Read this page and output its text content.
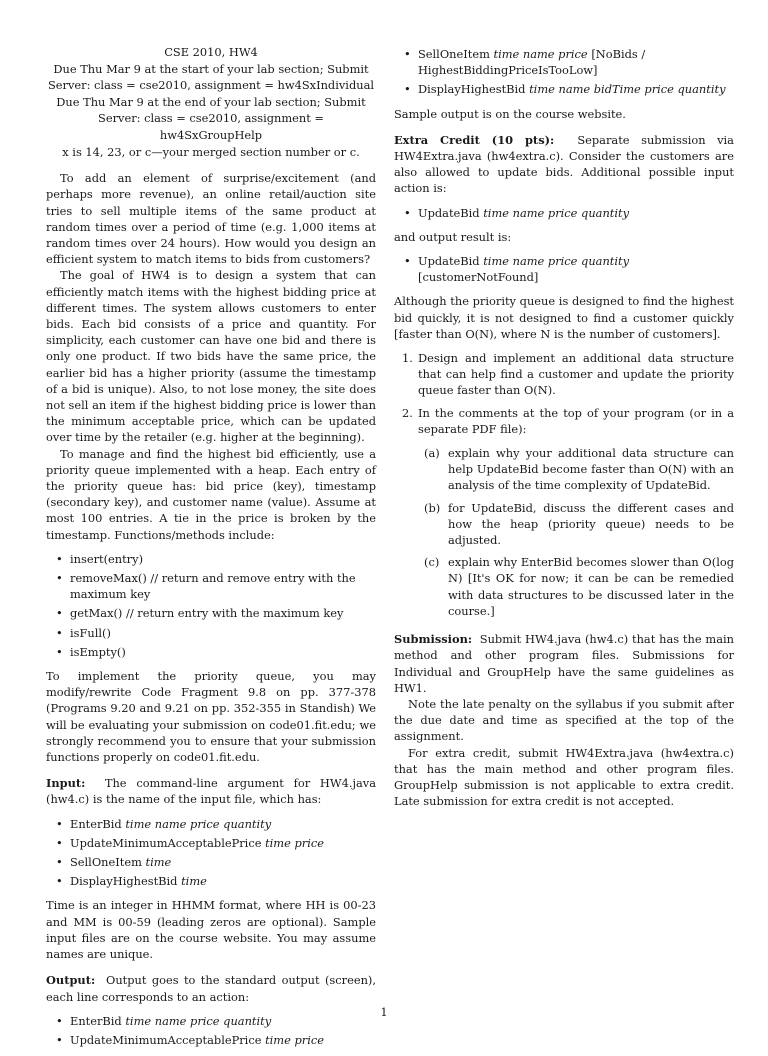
CSE 2010, HW4
Due Thu Mar 9 at the start of your lab section; Submit
Server: class = cse2010, assignment = hw4SxIndividual
Due Thu Mar 9 at the end of your lab section; Submit
Server: class = cse2010, assignment = hw4SxGroupHelp
x is 14, 23, or c—your merged section number or c.

To add an element of surprise/excitement (and perhaps more revenue), an online retail/auction site tries to sell multiple items of the same product at random times over a period of time (e.g. 1,000 items at random times over 24 hours). How would you design an efficient system to match items to bids from customers?

The goal of HW4 is to design a system that can efficiently match items with the highest bidding price at different times. The system allows customers to enter bids. Each bid consists of a price and quantity. For simplicity, each customer can have one bid and there is only one product. If two bids have the same price, the earlier bid has a higher priority (assume the timestamp of a bid is unique). Also, to not lose money, the site does not sell an item if the highest bidding price is lower than the minimum acceptable price, which can be updated over time by the retailer (e.g. higher at the beginning).

To manage and find the highest bid efficiently, use a priority queue implemented with a heap. Each entry of the priority queue has: bid price (key), timestamp (secondary key), and customer name (value). Assume at most 100 entries. A tie in the price is broken by the timestamp. Functions/methods include:

• insert(entry)
• removeMax() // return and remove entry with the maximum key
• getMax() // return entry with the maximum key
• isFull()
• isEmpty()

To implement the priority queue, you may modify/rewrite Code Fragment 9.8 on pp. 377-378 (Programs 9.20 and 9.21 on pp. 352-355 in Standish) We will be evaluating your submission on code01.fit.edu; we strongly recommend you to ensure that your submission functions properly on code01.fit.edu.

Input: The command-line argument for HW4.java (hw4.c) is the name of the input file, which has:

• EnterBid time name price quantity
• UpdateMinimumAcceptablePrice time price
• SellOneItem time
• DisplayHighestBid time

Time is an integer in HHMM format, where HH is 00-23 and MM is 00-59 (leading zeros are optional). Sample input files are on the course website. You may assume names are unique.

Output: Output goes to the standard output (screen), each line corresponds to an action:

• EnterBid time name price quantity
• UpdateMinimumAcceptablePrice time price
• SellOneItem time name price [NoBids / HighestBiddingPriceIsTooLow]
• DisplayHighestBid time name bidTime price quantity

Sample output is on the course website.

Extra Credit (10 pts): Separate submission via HW4Extra.java (hw4extra.c). Consider the customers are also allowed to update bids. Additional possible input action is:

• UpdateBid time name price quantity

and output result is:

• UpdateBid time name price quantity [customerNotFound]

Although the priority queue is designed to find the highest bid quickly, it is not designed to find a customer quickly [faster than O(N), where N is the number of customers].

1. Design and implement an additional data structure that can help find a customer and update the priority queue faster than O(N).
2. In the comments at the top of your program (or in a separate PDF file):
(a) explain why your additional data structure can help UpdateBid become faster than O(N) with an analysis of the time complexity of UpdateBid.
(b) for UpdateBid, discuss the different cases and how the heap (priority queue) needs to be adjusted.
(c) explain why EnterBid becomes slower than O(log N) [It's OK for now; it can be can be remedied with data structures to be discussed later in the course.]

Submission: Submit HW4.java (hw4.c) that has the main method and other program files. Submissions for Individual and GroupHelp have the same guidelines as HW1.

Note the late penalty on the syllabus if you submit after the due date and time as specified at the top of the assignment.

For extra credit, submit HW4Extra.java (hw4extra.c) that has the main method and other program files. GroupHelp submission is not applicable to extra credit. Late submission for extra credit is not accepted.

1
